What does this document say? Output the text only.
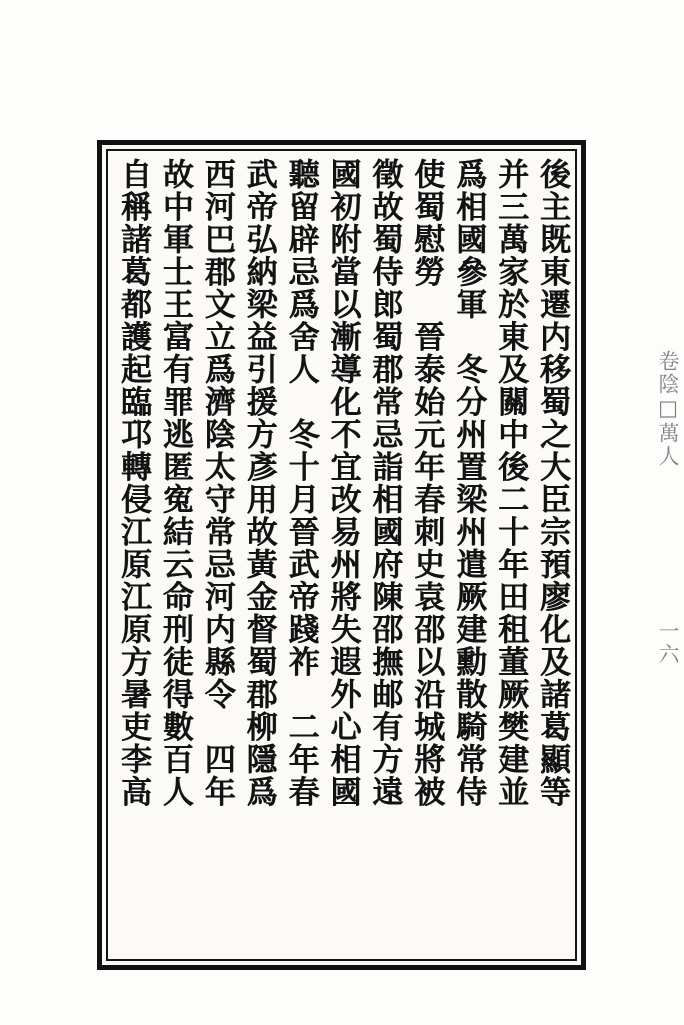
卷陰□萬人
一六
後主既東遷内移蜀之大臣宗預廖化及諸葛顯等
并三萬家於東及關中後二十年田租董厥樊建並
爲相國參軍　冬分州置梁州遣厥建勳散騎常侍
使蜀慰勞　晉泰始元年春刺史袁邵以沿城將被
徵故蜀侍郎蜀郡常忌詣相國府陳邵撫邮有方遠
國初附當以漸導化不宜改易州將失遐外心相國
聽留辟忌爲舍人　冬十月晉武帝踐祚　二年春
武帝弘納梁益引援方彥用故黃金督蜀郡柳隱爲
西河巴郡文立爲濟陰太守常忌河内縣令　四年
故中軍士王富有罪逃匿寃結云命刑徒得數百人
自稱諸葛都護起臨邛轉侵江原江原方暑吏李高
